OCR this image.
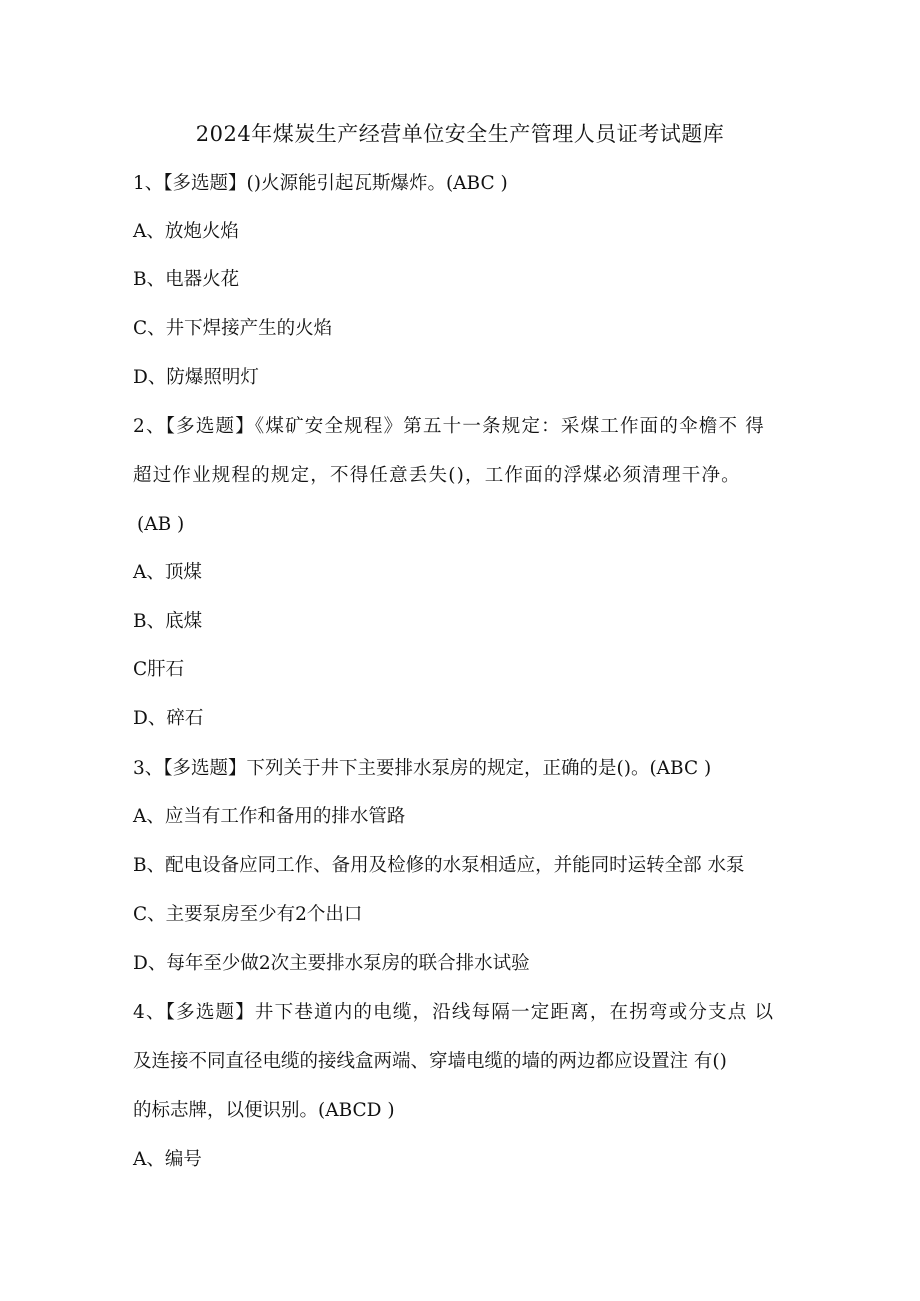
2024年煤炭生产经营单位安全生产管理人员证考试题库
1、【多选题】()火源能引起瓦斯爆炸。(ABC )
A、放炮火焰
B、电器火花
C、井下焊接产生的火焰
D、防爆照明灯
2、【多选题】《煤矿安全规程》第五十一条规定：采煤工作面的伞檐不 得
超过作业规程的规定，不得任意丢失()，工作面的浮煤必须清理干净。
(AB )
A、顶煤
B、底煤
C肝石
D、碎石
3、【多选题】下列关于井下主要排水泵房的规定，正确的是()。(ABC )
A、应当有工作和备用的排水管路
B、配电设备应同工作、备用及检修的水泵相适应，并能同时运转全部 水泵
C、主要泵房至少有2个出口
D、每年至少做2次主要排水泵房的联合排水试验
4、【多选题】井下巷道内的电缆，沿线每隔一定距离，在拐弯或分支点 以
及连接不同直径电缆的接线盒两端、穿墙电缆的墙的两边都应设置注 有()
的标志牌，以便识别。(ABCD )
A、编号
